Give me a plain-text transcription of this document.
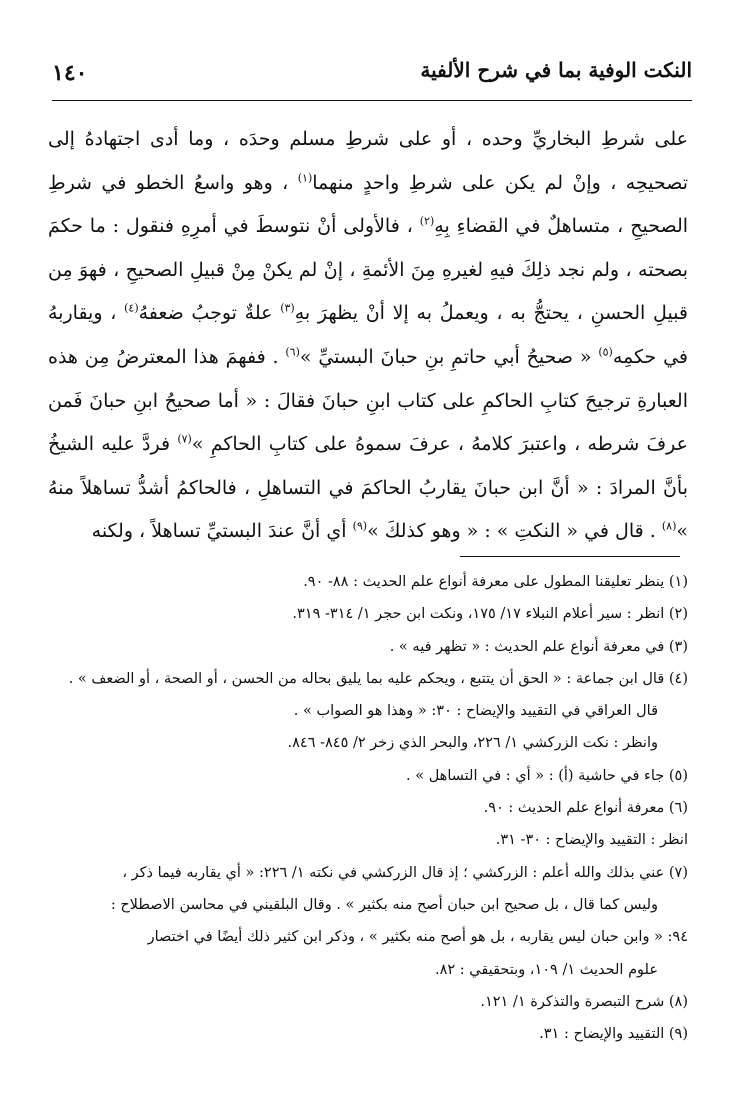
النكت الوفية بما في شرح الألفية
١٤٠

على شرطِ البخاريِّ وحده ، أو على شرطِ مسلم وحدَه ، وما أدى اجتهادهُ إلى تصحيحِه ، وإنْ لم يكن على شرطِ واحدٍ منهما$^{(١)}$ ، وهو واسعُ الخطو في شرطِ الصحيحِ ، متساهلٌ في القضاءِ بِهِ$^{(٢)}$ ، فالأولى أنْ نتوسطَ في أمرِهِ فنقول : ما حكمَ بصحته ، ولم نجد ذلِكَ فيهِ لغيرهِ مِنَ الأئمةِ ، إنْ لم يكنْ مِنْ قبيلِ الصحيحِ ، فهوَ مِن قبيلِ الحسنِ ، يحتجُّ به ، ويعملُ به إلا أنْ يظهرَ بهِ$^{(٣)}$ علةٌ توجبُ ضعفهُ$^{(٤)}$ ، ويقاربهُ في حكمِه$^{(٥)}$ « صحيحُ أبي حاتمِ بنِ حبانَ البستيِّ »$^{(٦)}$ . ففهمَ هذا المعترضُ مِن هذه العبارةِ ترجيحَ كتابِ الحاكمِ على كتاب ابنِ حبانَ فقالَ : « أما صحيحُ ابنِ حبانَ فَمن عرفَ شرطه ، واعتبرَ كلامهُ ، عرفَ سموهُ على كتابِ الحاكمِ »$^{(٧)}$ فردَّ عليه الشيخُ بأنَّ المرادَ : « أنَّ ابن حبانَ يقاربُ الحاكمَ في التساهلِ ، فالحاكمُ أشدُّ تساهلاً منهُ »$^{(٨)}$ . قال في « النكتِ » : « وهو كذلكَ »$^{(٩)}$ أي أنَّ عندَ البستيِّ تساهلاً ، ولكنه

(١) ينظر تعليقنا المطول على معرفة أنواع علم الحديث : ٨٨- ٩٠.

(٢) انظر : سير أعلام النبلاء ١٧/ ١٧٥، ونكت ابن حجر ١/ ٣١٤- ٣١٩.

(٣) في معرفة أنواع علم الحديث : « تظهر فيه » .

(٤) قال ابن جماعة : « الحق أن يتتبع ، ويحكم عليه بما يليق بحاله من الحسن ، أو الصحة ، أو الضعف » .

قال العراقي في التقييد والإيضاح : ٣٠: « وهذا هو الصواب » .

وانظر : نكت الزركشي ١/ ٢٢٦، والبحر الذي زخر ٢/ ٨٤٥- ٨٤٦.

(٥) جاء في حاشية (أ) : « أي : في التساهل » .

(٦) معرفة أنواع علم الحديث : ٩٠.

انظر : التقييد والإيضاح : ٣٠- ٣١.

(٧) عني بذلك والله أعلم : الزركشي ؛ إذ قال الزركشي في نكته ١/ ٢٢٦: « أي يقاربه فيما ذكر ،

وليس كما قال ، بل صحيح ابن حبان أصح منه بكثير » . وقال البلقيني في محاسن الاصطلاح :

٩٤: « وابن حبان ليس يقاربه ، بل هو أصح منه بكثير » ، وذكر ابن كثير ذلك أيضًا في اختصار

علوم الحديث ١/ ١٠٩، وبتحقيقي : ٨٢.

(٨) شرح التبصرة والتذكرة ١/ ١٢١.

(٩) التقييد والإيضاح : ٣١.
